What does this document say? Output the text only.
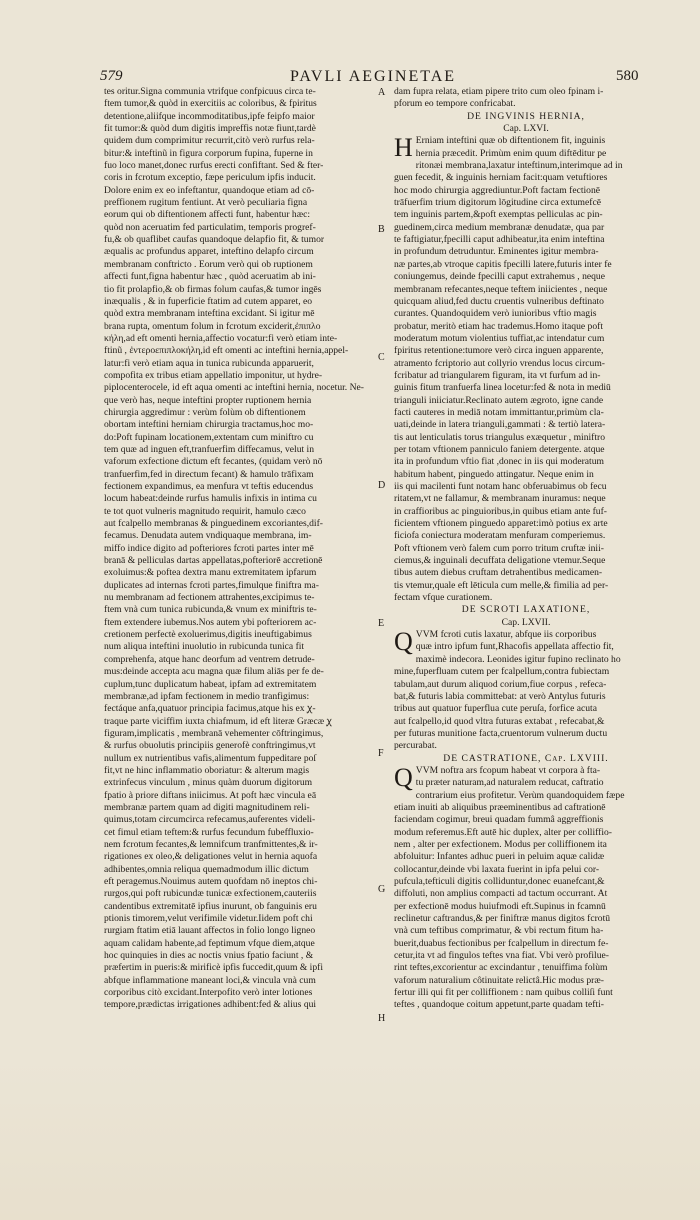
579	PAVLI AEGINETAE	580
A
B
C
D
E
F
G
H
tes oritur.Signa communia vtrifque confpicuus circa te-
ftem tumor,& quòd in exercitiis ac coloribus, & fpiritus
detentione,aliifque incommoditatibus,ipfe feipfo maior
fit tumor:& quòd dum digitis impreffis notæ fiunt,tardè
quidem dum comprimitur recurrit,citò verò rurfus rela-
bitur:& inteftinũ in figura corporum fupina, fuperne in
fuo loco manet,donec rurfus erecti confiftant. Sed & fter-
coris in fcrotum exceptio, fæpe periculum ipfis inducit.
Dolore enim ex eo infeftantur, quandoque etiam ad cō-
preffionem rugitum fentiunt. At verò peculiaria figna
eorum qui ob diftentionem affecti funt, habentur hæc:
quòd non aceruatim fed particulatim, temporis progref-
fu,& ob quaflibet caufas quandoque delapfio fit, & tumor
æqualis ac profundus apparet, inteftino delapfo circum
membranam conftricto . Eorum verò qui ob ruptionem
affecti funt,figna habentur hæc , quòd aceruatim ab ini-
tio fit prolapfio,& ob firmas folum caufas,& tumor ingēs
inæqualis , & in fuperficie ftatim ad cutem apparet, eo
quòd extra membranam inteftina excidant. Si igitur mē
brana rupta, omentum folum in fcrotum exciderit,ἐπιπλο
κήλη,ad eft omenti hernia,affectio vocatur:fi verò etiam inte-
ftinũ , ἐντεροεπιπλοκήλη,id eft omenti ac inteftini hernia,appel-
latur:fi verò etiam aqua in tunica rubicunda apparuerit,
compofita ex tribus etiam appellatio imponitur, ut hydre-
piplocenterocele, id eft aqua omenti ac inteftini hernia, nocetur. Ne-
que verò has, neque inteftini propter ruptionem hernia
chirurgia aggredimur : verùm folùm ob diftentionem
obortam inteftini herniam chirurgia tractamus,hoc mo-
do:Poft fupinam locationem,extentam cum miniftro cu
tem quæ ad inguen eft,tranfuerfim diffecamus, velut in
vaforum exfectione dictum eft fecantes, (quidam verò nō
tranfuerfim,fed in directum fecant) & hamulo trāfixam
fectionem expandimus, ea menfura vt teftis educendus
locum habeat:deinde rurfus hamulis infixis in intima cu
te tot quot vulneris magnitudo requirit, hamulo cæco
aut fcalpello membranas & pinguedinem excoriantes,dif-
fecamus. Denudata autem vndiquaque membrana, im-
miffo indice digito ad pofteriores fcroti partes inter mē
branā & pelliculas dartas appellatas,pofteriorē accretionē
exoluimus:& poftea dextra manu extremitatem ipfarum
duplicates ad internas fcroti partes,fimulque finiftra ma-
nu membranam ad fectionem attrahentes,excipimus te-
ftem vnà cum tunica rubicunda,& vnum ex miniftris te-
ftem extendere iubemus.Nos autem ybi pofteriorem ac-
cretionem perfectè exoluerimus,digitis ineuftigabimus
num aliqua inteftini inuolutio in rubicunda tunica fit
comprehenfa, atque hanc deorfum ad ventrem detrude-
mus:deinde accepta acu magna quæ filum aliās per fe de-
cuplum,tunc duplicatum habeat, ipfam ad extremitatem
membranæ,ad ipfam fectionem in medio tranfigimus:
fectáque anfa,quatuor principia facimus,atque his ex ꭕ-
traque parte viciffim iuxta chiafmum, id eft literæ Græcæ ꭕ
figuram,implicatis , membranā vehementer cōftringimus,
& rurfus obuolutis principiis generofè conftringimus,vt
nullum ex nutrientibus vafis,alimentum fuppeditare poſ
fit,vt ne hinc inflammatio oboriatur: & alterum magis
extrinfecus vinculum , minus quàm duorum digitorum
fpatio à priore diftans iniicimus. At poft hæc vincula eā
membranæ partem quam ad digiti magnitudinem reli-
quimus,totam circumcirca refecamus,auferentes videli-
cet fimul etiam teftem:& rurfus fecundum fubeffluxio-
nem fcrotum fecantes,& lemnifcum tranfmittentes,& ir-
rigationes ex oleo,& deligationes velut in hernia aquofa
adhibentes,omnia reliqua quemadmodum illic dictum
eft peragemus.Nouimus autem quofdam nō ineptos chi-
rurgos,qui poft rubicundæ tunicæ exfectionem,cauteriis
candentibus extremitatē ipfius inurunt, ob fanguinis eru
ptionis timorem,velut verifimile videtur.Iidem poft chi
rurgiam ftatim etiā lauant affectos in folio longo ligneo
aquam calidam habente,ad feptimum vfque diem,atque
hoc quinquies in dies ac noctis vnius fpatio faciunt , &
præfertim in pueris:& mirificè ipfis fuccedit,quum & ipfi
abfque inflammatione maneant loci,& vincula vnà cum
corporibus citò excidant.Interpofito verò inter lotiones
tempore,prædictas irrigationes adhibent:fed & alius qui
dam fupra relata, etiam pipere trito cum oleo fpinam i-
pforum eo tempore confricabat.
DE INGVINIS HERNIA,
Cap. LXVI.
H Erniam inteftini quæ ob diftentionem fit, inguinis
hernia præcedit. Primùm enim quum diftēditur pe
ritonæi membrana,laxatur inteftinum,interimque ad in
guen fecedit, & inguinis herniam facit:quam vetuftiores
hoc modo chirurgia aggrediuntur.Poft factam fectionē
trāfuerfim trium digitorum lōgitudine circa extumefcē
tem inguinis partem,&poft exemptas pelliculas ac pin-
guedinem,circa medium membranæ denudatæ, qua par
te faftigiatur,fpecilli caput adhibeatur,ita enim inteftina
in profundum detruduntur. Eminentes igitur membra-
næ partes,ab vtroque capitis fpecilli latere,futuris inter fe
coniungemus, deinde fpecilli caput extrahemus , neque
membranam refecantes,neque teftem iniicientes , neque
quicquam aliud,fed ductu cruentis vulneribus deftinato
curantes. Quandoquidem verò iunioribus vftio magis
probatur, meritò etiam hac trademus.Homo itaque poft
moderatum motum violentius tuffiat,ac intendatur cum
fpiritus retentione:tumore verò circa inguen apparente,
atramento fcriptorio aut collyrio vrendus locus circum-
fcribatur ad triangularem figuram, ita vt furfum ad in-
guinis fitum tranfuerfa linea locetur:fed & nota in mediū
trianguli iniiciatur.Reclinato autem ægroto, igne cande
facti cauteres in mediā notam immittantur,primùm cla-
uati,deinde in latera trianguli,gammati : & tertiò latera-
tis aut lenticulatis torus triangulus exæquetur , miniftro
per totam vftionem panniculo faniem detergente. atque
ita in profundum vftio fiat ,donec in iis qui moderatum
habitum habent, pinguedo attingatur. Neque enim in
iis qui macilenti funt notam hanc obferuabimus ob fecu
ritatem,vt ne fallamur, & membranam inuramus: neque
in craffioribus ac pinguioribus,in quibus etiam ante fuf-
ficientem vftionem pinguedo apparet:imò potius ex arte
ficiofa coniectura moderatam menfuram comperiemus.
Poft vftionem verò falem cum porro tritum cruftæ inii-
ciemus,& inguinali decuffata deligatione vtemur.Seque
tibus autem diebus cruftam detrahentibus medicamen-
tis vtemur,quale eft lēticula cum melle,& fimilia ad per-
fectam vfque curationem.
DE SCROTI LAXATIONE,
Cap. LXVII.
Q VVM fcroti cutis laxatur, abfque iis corporibus
quæ intro ipfum funt,Rhacofis appellata affectio fit,
maximè indecora. Leonides igitur fupino reclinato ho
mine,fuperfluam cutem per fcalpellum,contra fubiectam
tabulam,aut durum aliquod corium,fiue corpus , refeca-
bat,& futuris labia committebat: at verò Antylus futuris
tribus aut quatuor fuperflua cute peruſa, forfice acuta
aut fcalpello,id quod vltra futuras extabat , refecabat,&
per futuras munitione facta,cruentorum vulnerum ductu
percurabat.
DE CASTRATIONE, Cap. LXVIII.
Q VVM noftra ars fcopum habeat vt corpora à fta-
tu præter naturam,ad naturalem reducat, caftratio
contrarium eius profitetur. Verùm quandoquidem fæpe
etiam inuiti ab aliquibus præeminentibus ad caftrationē
faciendam cogimur, breui quadam fummâ aggreffionis
modum referemus.Eft autē hic duplex, alter per colliffio-
nem , alter per exfectionem. Modus per colliffionem ita
abfoluitur: Infantes adhuc pueri in peluim aquæ calidæ
collocantur,deinde vbi laxata fuerint in ipfa pelui cor-
pufcula,tefticuli digitis colliduntur,donec euanefcant,&
diffoluti, non amplius compacti ad tactum occurrant. At
per exfectionē modus huiufmodi eft.Supinus in fcamnū
reclinetur caftrandus,& per finiftræ manus digitos fcrotū
vnà cum teftibus comprimatur, & vbi rectum fitum ha-
buerit,duabus fectionibus per fcalpellum in directum fe-
cetur,ita vt ad fingulos teftes vna fiat. Vbi verò profilue-
rint teftes,excorientur ac excindantur , tenuiffima folùm
vaforum naturalium côtinuitate relictâ.Hic modus præ-
fertur illi qui fit per colliffionem : nam quibus colliſi funt
teftes , quandoque coitum appetunt,parte quadam tefti-
